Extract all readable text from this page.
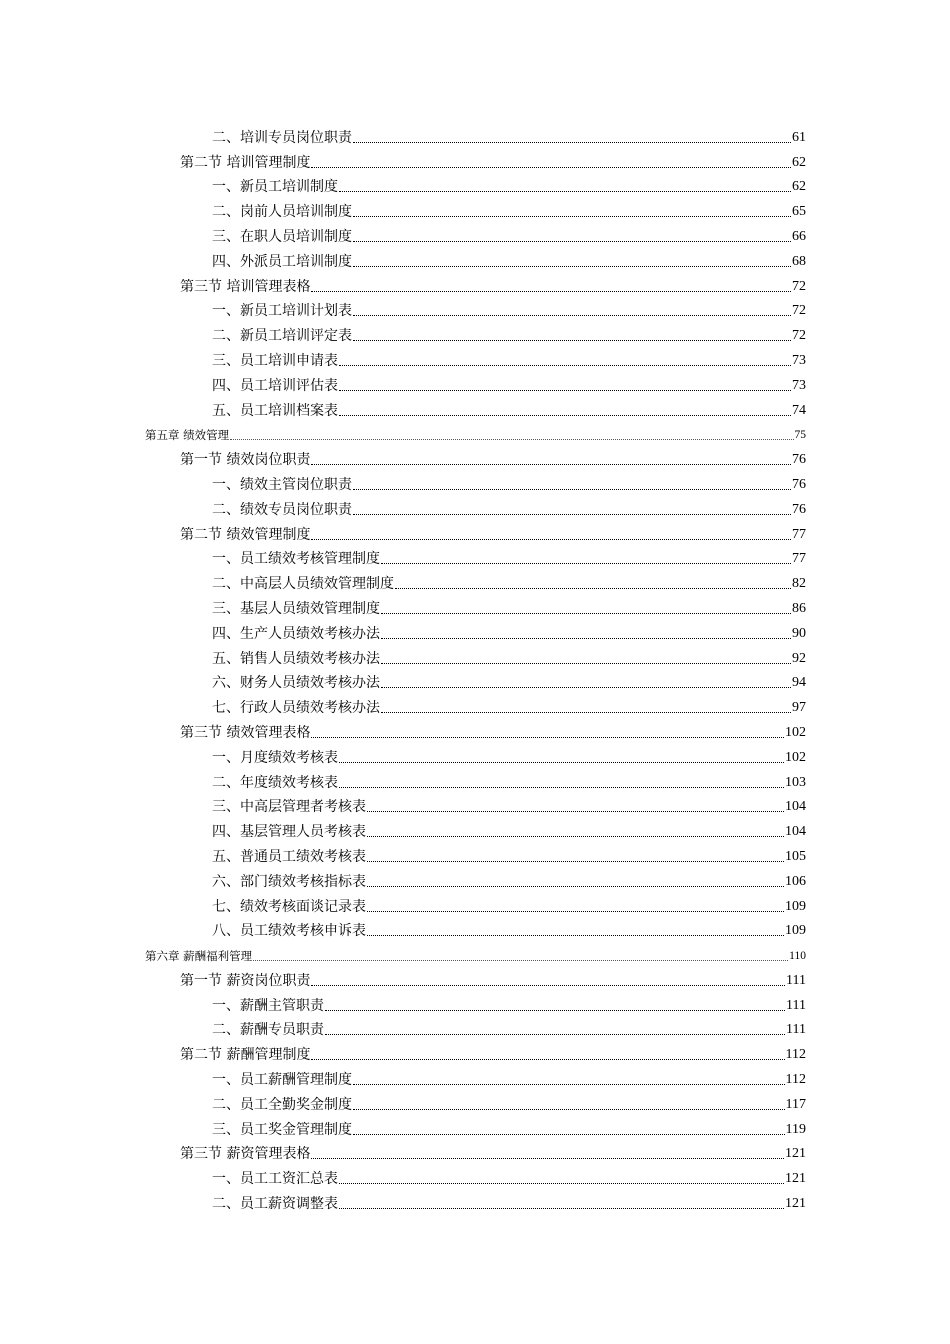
二、培训专员岗位职责	61
第二节 培训管理制度	62
一、新员工培训制度	62
二、岗前人员培训制度	65
三、在职人员培训制度	66
四、外派员工培训制度	68
第三节 培训管理表格	72
一、新员工培训计划表	72
二、新员工培训评定表	72
三、员工培训申请表	73
四、员工培训评估表	73
五、员工培训档案表	74
第五章 绩效管理	75
第一节 绩效岗位职责	76
一、绩效主管岗位职责	76
二、绩效专员岗位职责	76
第二节 绩效管理制度	77
一、员工绩效考核管理制度	77
二、中高层人员绩效管理制度	82
三、基层人员绩效管理制度	86
四、生产人员绩效考核办法	90
五、销售人员绩效考核办法	92
六、财务人员绩效考核办法	94
七、行政人员绩效考核办法	97
第三节 绩效管理表格	102
一、月度绩效考核表	102
二、年度绩效考核表	103
三、中高层管理者考核表	104
四、基层管理人员考核表	104
五、普通员工绩效考核表	105
六、部门绩效考核指标表	106
七、绩效考核面谈记录表	109
八、员工绩效考核申诉表	109
第六章 薪酬福利管理	110
第一节 薪资岗位职责	111
一、薪酬主管职责	111
二、薪酬专员职责	111
第二节 薪酬管理制度	112
一、员工薪酬管理制度	112
二、员工全勤奖金制度	117
三、员工奖金管理制度	119
第三节 薪资管理表格	121
一、员工工资汇总表	121
二、员工薪资调整表	121
